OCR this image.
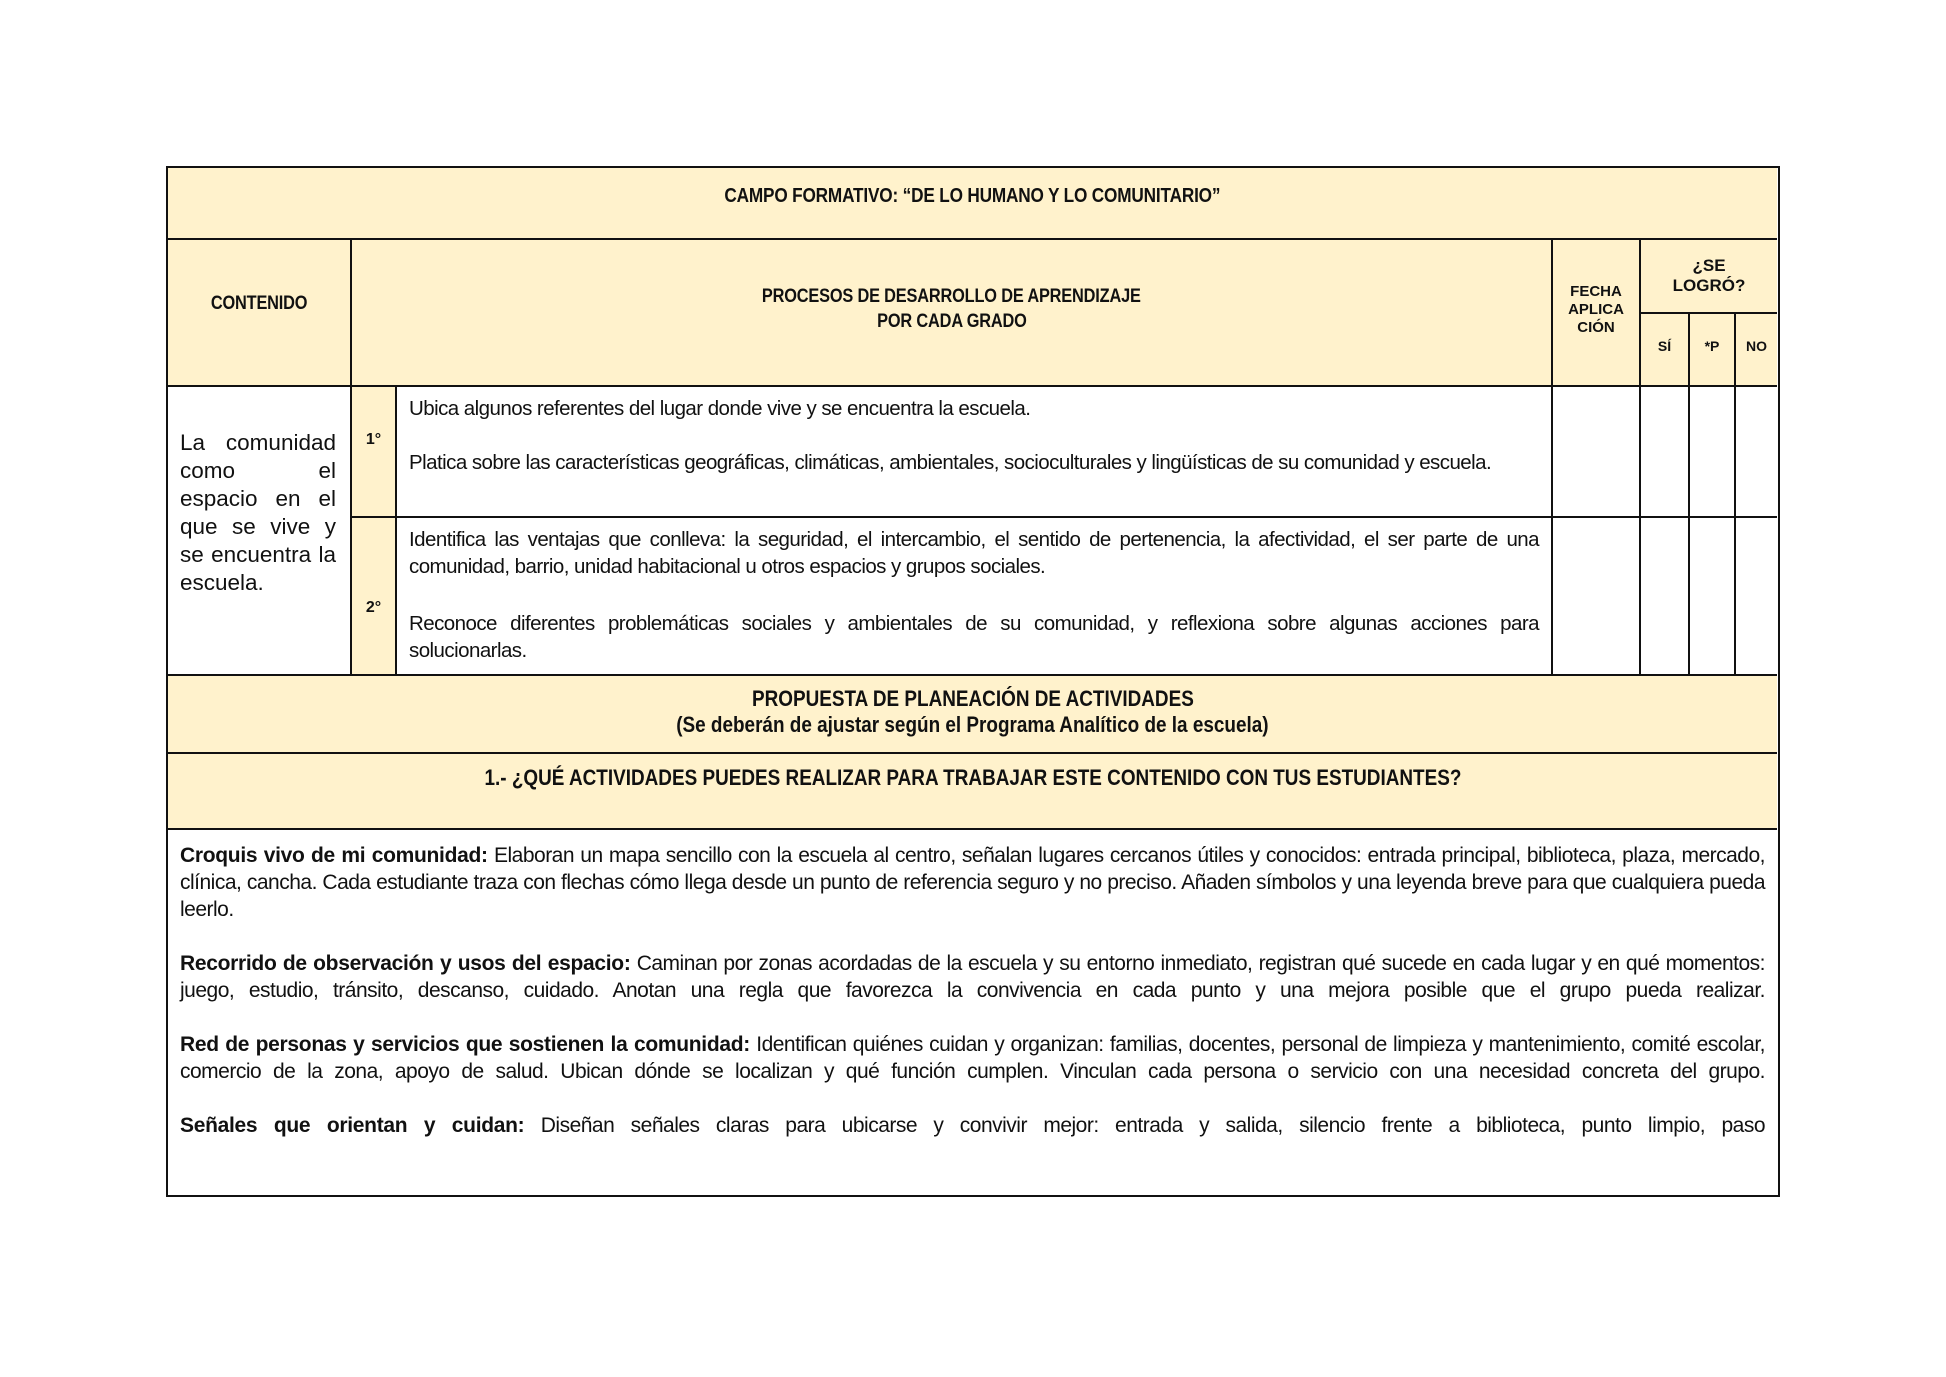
CAMPO FORMATIVO: “DE LO HUMANO Y LO COMUNITARIO”
CONTENIDO	PROCESOS DE DESARROLLO DE APRENDIZAJE
POR CADA GRADO
FECHA
APLICA
CIÓN
¿SE
LOGRÓ?
SÍ *P NO
La comunidad como el espacio en el que se vive y se encuentra la escuela.
1°
Ubica algunos referentes del lugar donde vive y se encuentra la escuela.
Platica sobre las características geográficas, climáticas, ambientales, socioculturales y lingüísticas de su comunidad y escuela.
2°
Identifica las ventajas que conlleva: la seguridad, el intercambio, el sentido de pertenencia, la afectividad, el ser parte de una comunidad, barrio, unidad habitacional u otros espacios y grupos sociales.
Reconoce diferentes problemáticas sociales y ambientales de su comunidad, y reflexiona sobre algunas acciones para solucionarlas.
PROPUESTA DE PLANEACIÓN DE ACTIVIDADES
(Se deberán de ajustar según el Programa Analítico de la escuela)
1.- ¿QUÉ ACTIVIDADES PUEDES REALIZAR PARA TRABAJAR ESTE CONTENIDO CON TUS ESTUDIANTES?

Croquis vivo de mi comunidad: Elaboran un mapa sencillo con la escuela al centro, señalan lugares cercanos útiles y conocidos: entrada principal, biblioteca, plaza, mercado, clínica, cancha. Cada estudiante traza con flechas cómo llega desde un punto de referencia seguro y no preciso. Añaden símbolos y una leyenda breve para que cualquiera pueda leerlo.

Recorrido de observación y usos del espacio: Caminan por zonas acordadas de la escuela y su entorno inmediato, registran qué sucede en cada lugar y en qué momentos: juego, estudio, tránsito, descanso, cuidado. Anotan una regla que favorezca la convivencia en cada punto y una mejora posible que el grupo pueda realizar.

Red de personas y servicios que sostienen la comunidad: Identifican quiénes cuidan y organizan: familias, docentes, personal de limpieza y mantenimiento, comité escolar, comercio de la zona, apoyo de salud. Ubican dónde se localizan y qué función cumplen. Vinculan cada persona o servicio con una necesidad concreta del grupo.

Señales que orientan y cuidan: Diseñan señales claras para ubicarse y convivir mejor: entrada y salida, silencio frente a biblioteca, punto limpio, paso
